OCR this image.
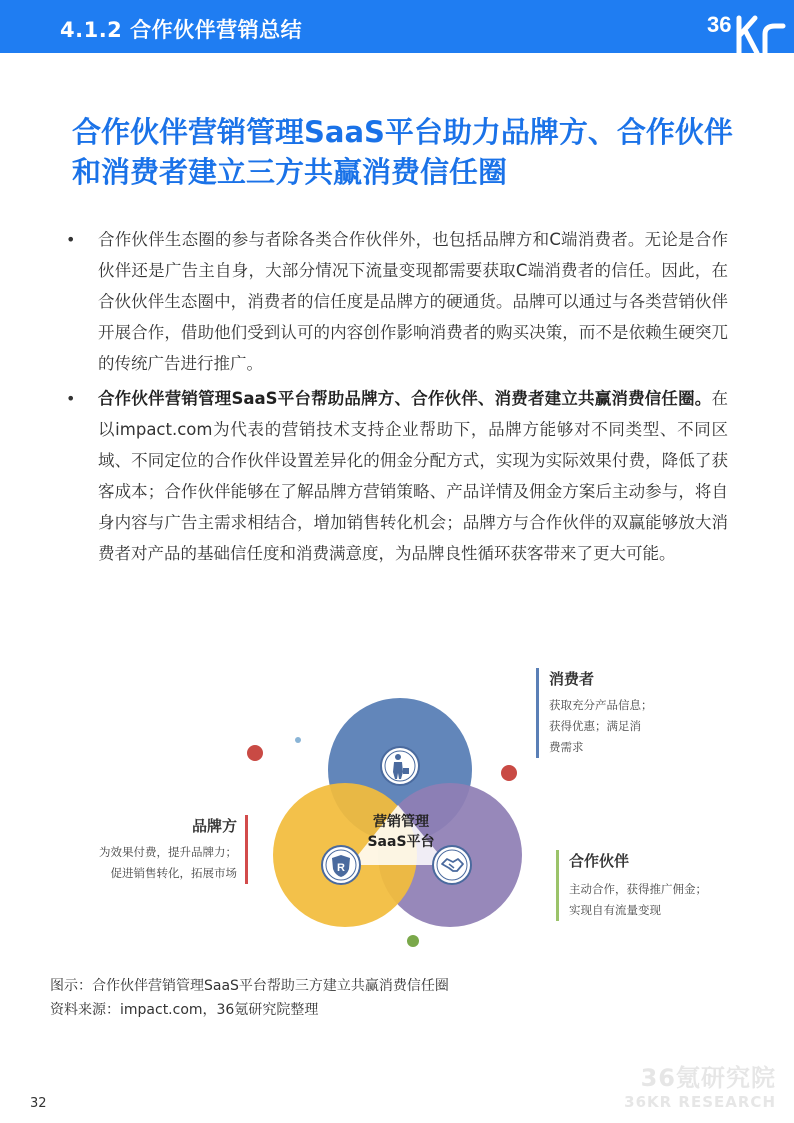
4.1.2 合作伙伴营销总结	36
合作伙伴营销管理SaaS平台助力品牌方、合作伙伴和消费者建立三方共赢消费信任圈
• 合作伙伴生态圈的参与者除各类合作伙伴外，也包括品牌方和C端消费者。无论是合作伙伴还是广告主自身，大部分情况下流量变现都需要获取C端消费者的信任。因此，在合伙伙伴生态圈中，消费者的信任度是品牌方的硬通货。品牌可以通过与各类营销伙伴开展合作，借助他们受到认可的内容创作影响消费者的购买决策，而不是依赖生硬突兀的传统广告进行推广。
• 合作伙伴营销管理SaaS平台帮助品牌方、合作伙伴、消费者建立共赢消费信任圈。在以impact.com为代表的营销技术支持企业帮助下，品牌方能够对不同类型、不同区域、不同定位的合作伙伴设置差异化的佣金分配方式，实现为实际效果付费，降低了获客成本；合作伙伴能够在了解品牌方营销策略、产品详情及佣金方案后主动参与，将自身内容与广告主需求相结合，增加销售转化机会；品牌方与合作伙伴的双赢能够放大消费者对产品的基础信任度和消费满意度，为品牌良性循环获客带来了更大可能。
R
营销管理
SaaS平台
消费者
获取充分产品信息；
获得优惠；满足消
费需求
合作伙伴
主动合作，获得推广佣金；
实现自有流量变现
品牌方
为效果付费，提升品牌力；
促进销售转化，拓展市场
图示：合作伙伴营销管理SaaS平台帮助三方建立共赢消费信任圈
资料来源：impact.com，36氪研究院整理
36氪研究院
36KR RESEARCH
32
